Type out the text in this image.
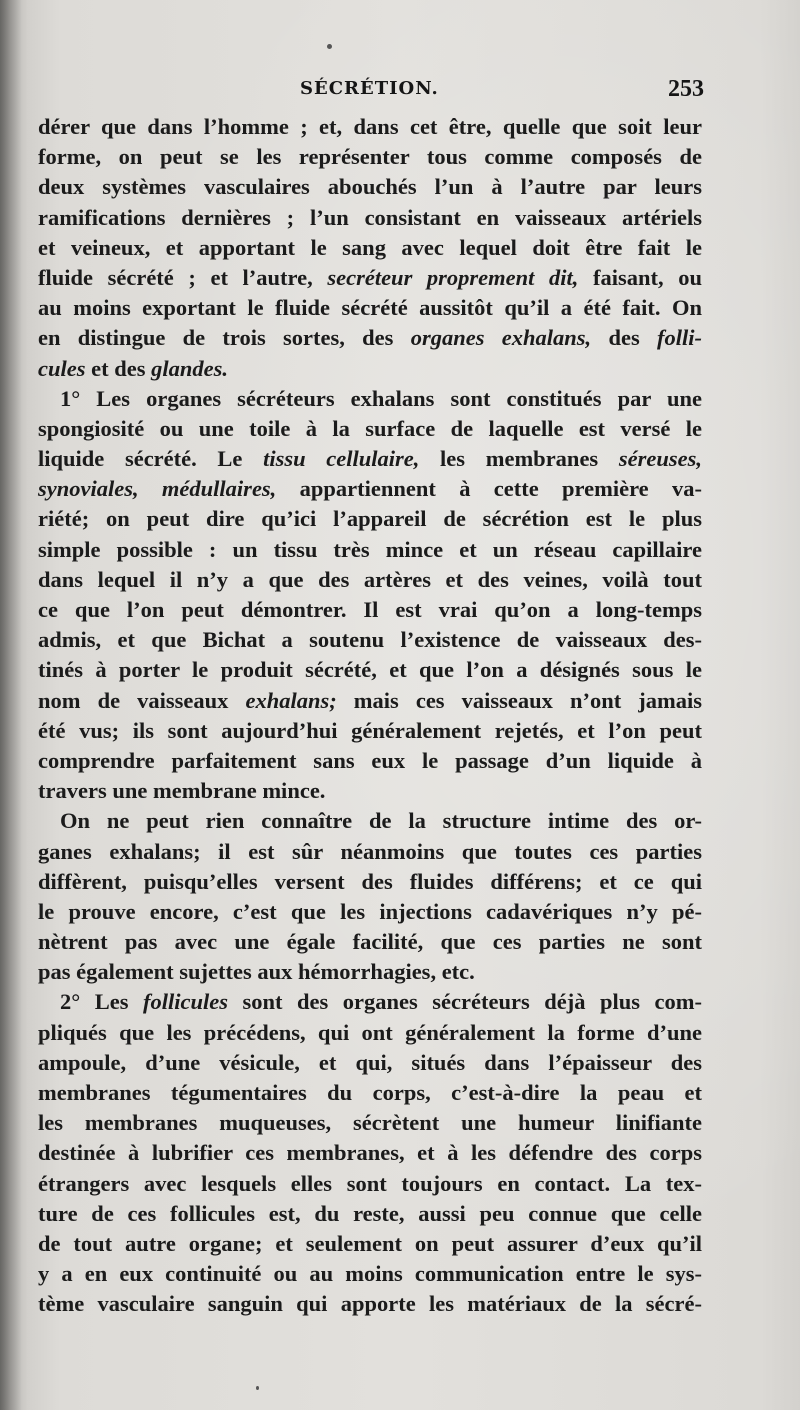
SÉCRÉTION.	253
dérer que dans l’homme ; et, dans cet être, quelle que soit leur
forme, on peut se les représenter tous comme composés de
deux systèmes vasculaires abouchés l’un à l’autre par leurs
ramifications dernières ; l’un consistant en vaisseaux artériels
et veineux, et apportant le sang avec lequel doit être fait le
fluide sécrété ; et l’autre, secréteur proprement dit, faisant, ou
au moins exportant le fluide sécrété aussitôt qu’il a été fait. On
en distingue de trois sortes, des organes exhalans, des folli-
cules et des glandes.
1° Les organes sécréteurs exhalans sont constitués par une
spongiosité ou une toile à la surface de laquelle est versé le
liquide sécrété. Le tissu cellulaire, les membranes séreuses,
synoviales, médullaires, appartiennent à cette première va-
riété; on peut dire qu’ici l’appareil de sécrétion est le plus
simple possible : un tissu très mince et un réseau capillaire
dans lequel il n’y a que des artères et des veines, voilà tout
ce que l’on peut démontrer. Il est vrai qu’on a long-temps
admis, et que Bichat a soutenu l’existence de vaisseaux des-
tinés à porter le produit sécrété, et que l’on a désignés sous le
nom de vaisseaux exhalans; mais ces vaisseaux n’ont jamais
été vus; ils sont aujourd’hui généralement rejetés, et l’on peut
comprendre parfaitement sans eux le passage d’un liquide à
travers une membrane mince.
On ne peut rien connaître de la structure intime des or-
ganes exhalans; il est sûr néanmoins que toutes ces parties
diffèrent, puisqu’elles versent des fluides différens; et ce qui
le prouve encore, c’est que les injections cadavériques n’y pé-
nètrent pas avec une égale facilité, que ces parties ne sont
pas également sujettes aux hémorrhagies, etc.
2° Les follicules sont des organes sécréteurs déjà plus com-
pliqués que les précédens, qui ont généralement la forme d’une
ampoule, d’une vésicule, et qui, situés dans l’épaisseur des
membranes tégumentaires du corps, c’est-à-dire la peau et
les membranes muqueuses, sécrètent une humeur linifiante
destinée à lubrifier ces membranes, et à les défendre des corps
étrangers avec lesquels elles sont toujours en contact. La tex-
ture de ces follicules est, du reste, aussi peu connue que celle
de tout autre organe; et seulement on peut assurer d’eux qu’il
y a en eux continuité ou au moins communication entre le sys-
tème vasculaire sanguin qui apporte les matériaux de la sécré-
